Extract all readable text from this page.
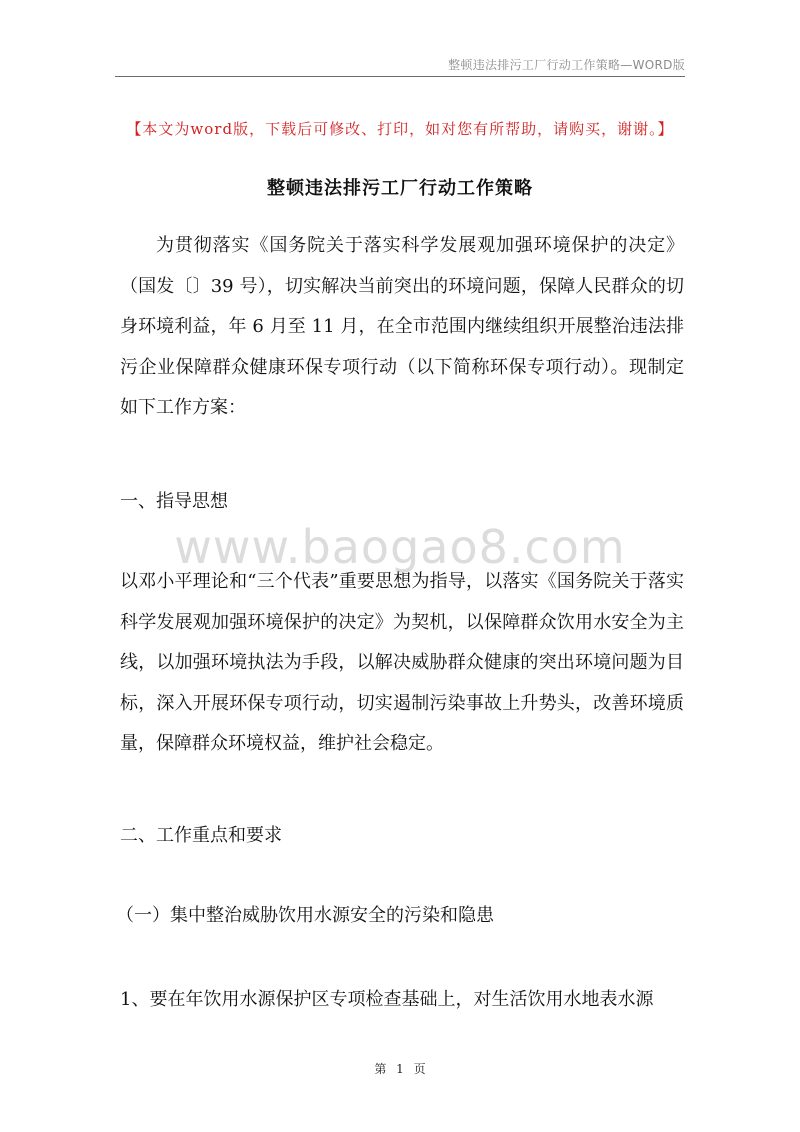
整顿违法排污工厂行动工作策略—WORD版
【本文为word版，下载后可修改、打印，如对您有所帮助，请购买，谢谢。】
整顿违法排污工厂行动工作策略
为贯彻落实《国务院关于落实科学发展观加强环境保护的决定》（国发〔〕39 号），切实解决当前突出的环境问题，保障人民群众的切身环境利益，年 6 月至 11 月，在全市范围内继续组织开展整治违法排污企业保障群众健康环保专项行动（以下简称环保专项行动）。现制定如下工作方案：
一、指导思想
www.baogao8.com
以邓小平理论和“三个代表”重要思想为指导，以落实《国务院关于落实科学发展观加强环境保护的决定》为契机，以保障群众饮用水安全为主线，以加强环境执法为手段，以解决威胁群众健康的突出环境问题为目标，深入开展环保专项行动，切实遏制污染事故上升势头，改善环境质量，保障群众环境权益，维护社会稳定。
二、工作重点和要求
（一）集中整治威胁饮用水源安全的污染和隐患
1、要在年饮用水源保护区专项检查基础上，对生活饮用水地表水源
第 1 页
